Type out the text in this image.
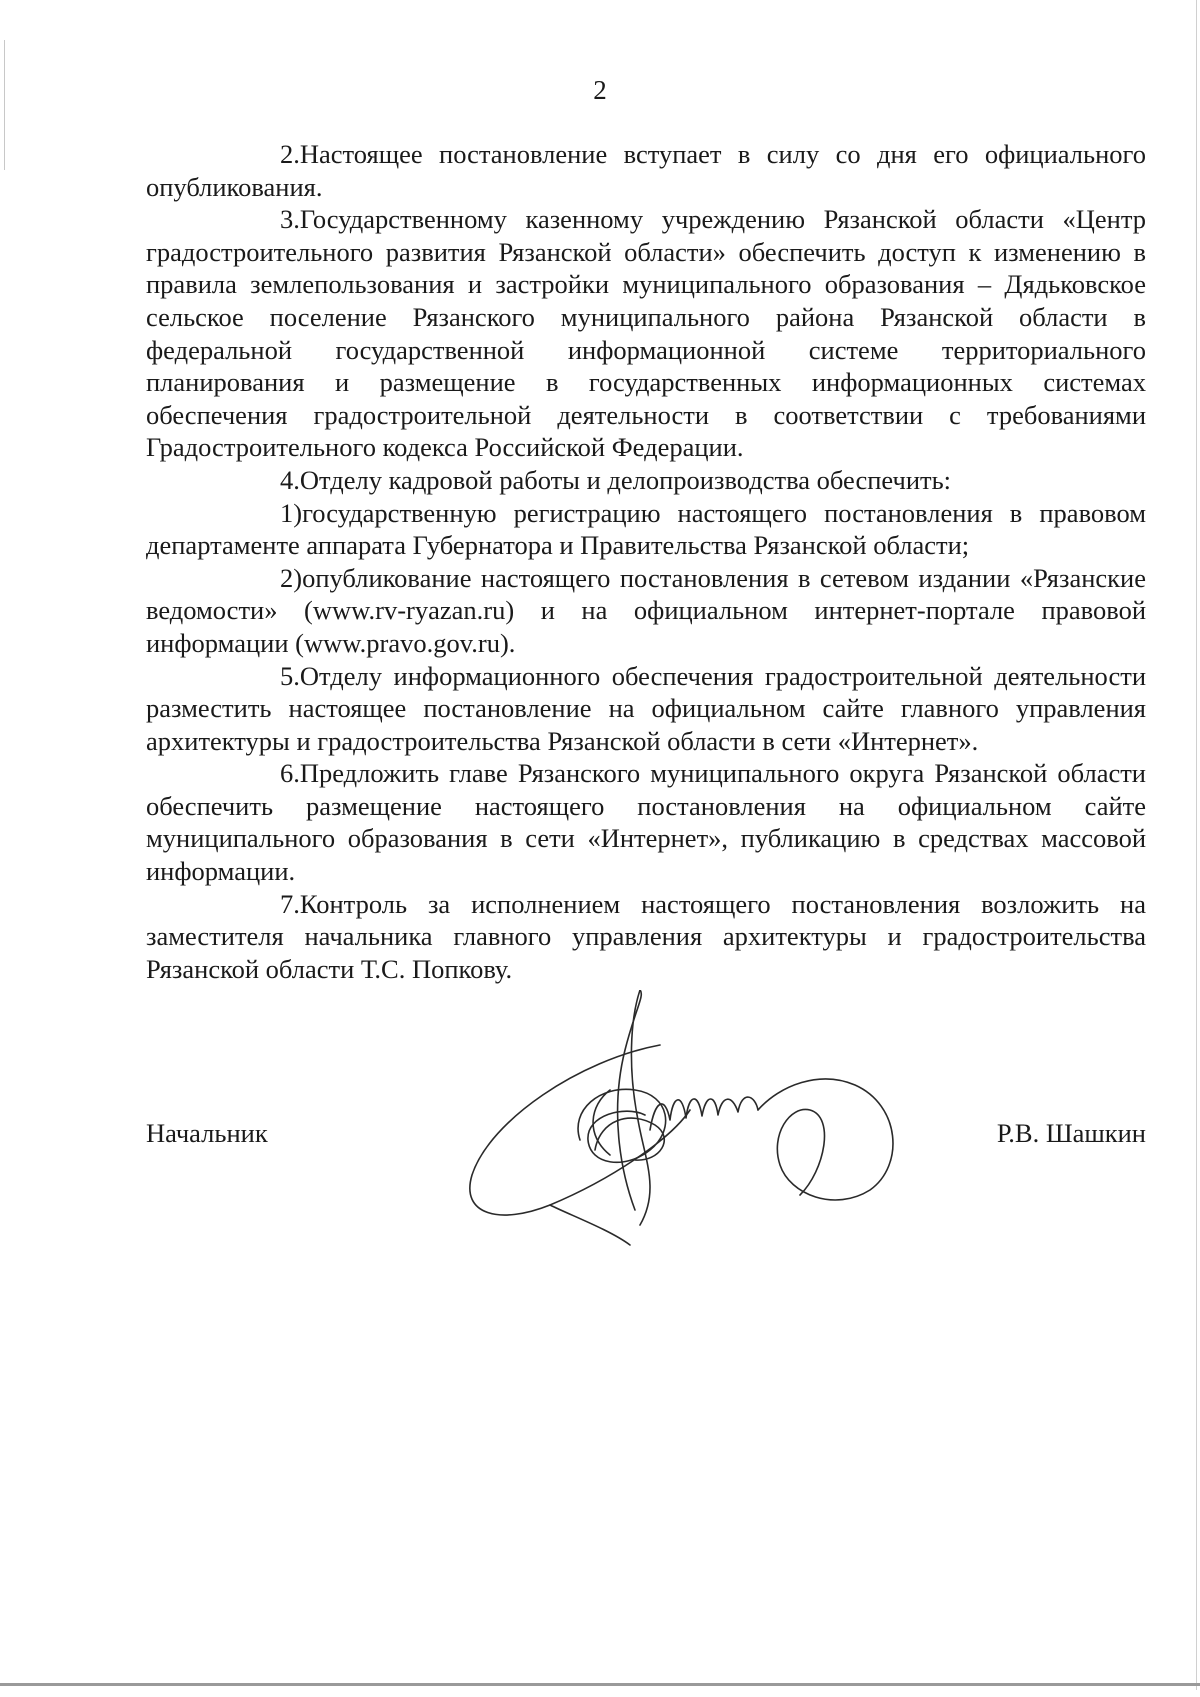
2

2.Настоящее постановление вступает в силу со дня его официального опубликования.

3.Государственному казенному учреждению Рязанской области «Центр градостроительного развития Рязанской области» обеспечить доступ к изменению в правила землепользования и застройки муниципального образования – Дядьковское сельское поселение Рязанского муниципального района Рязанской области в федеральной государственной информационной системе территориального планирования и размещение в государственных информационных системах обеспечения градостроительной деятельности в соответствии с требованиями Градостроительного кодекса Российской Федерации.

4.Отделу кадровой работы и делопроизводства обеспечить:

1)государственную регистрацию настоящего постановления в правовом департаменте аппарата Губернатора и Правительства Рязанской области;

2)опубликование настоящего постановления в сетевом издании «Рязанские ведомости» (www.rv-ryazan.ru) и на официальном интернет-портале правовой информации (www.pravo.gov.ru).

5.Отделу информационного обеспечения градостроительной деятельности разместить настоящее постановление на официальном сайте главного управления архитектуры и градостроительства Рязанской области в сети «Интернет».

6.Предложить главе Рязанского муниципального округа Рязанской области обеспечить размещение настоящего постановления на официальном сайте муниципального образования в сети «Интернет», публикацию в средствах массовой информации.

7.Контроль за исполнением настоящего постановления возложить на заместителя начальника главного управления архитектуры и градостроительства Рязанской области Т.С. Попкову.

Начальник	Р.В. Шашкин
